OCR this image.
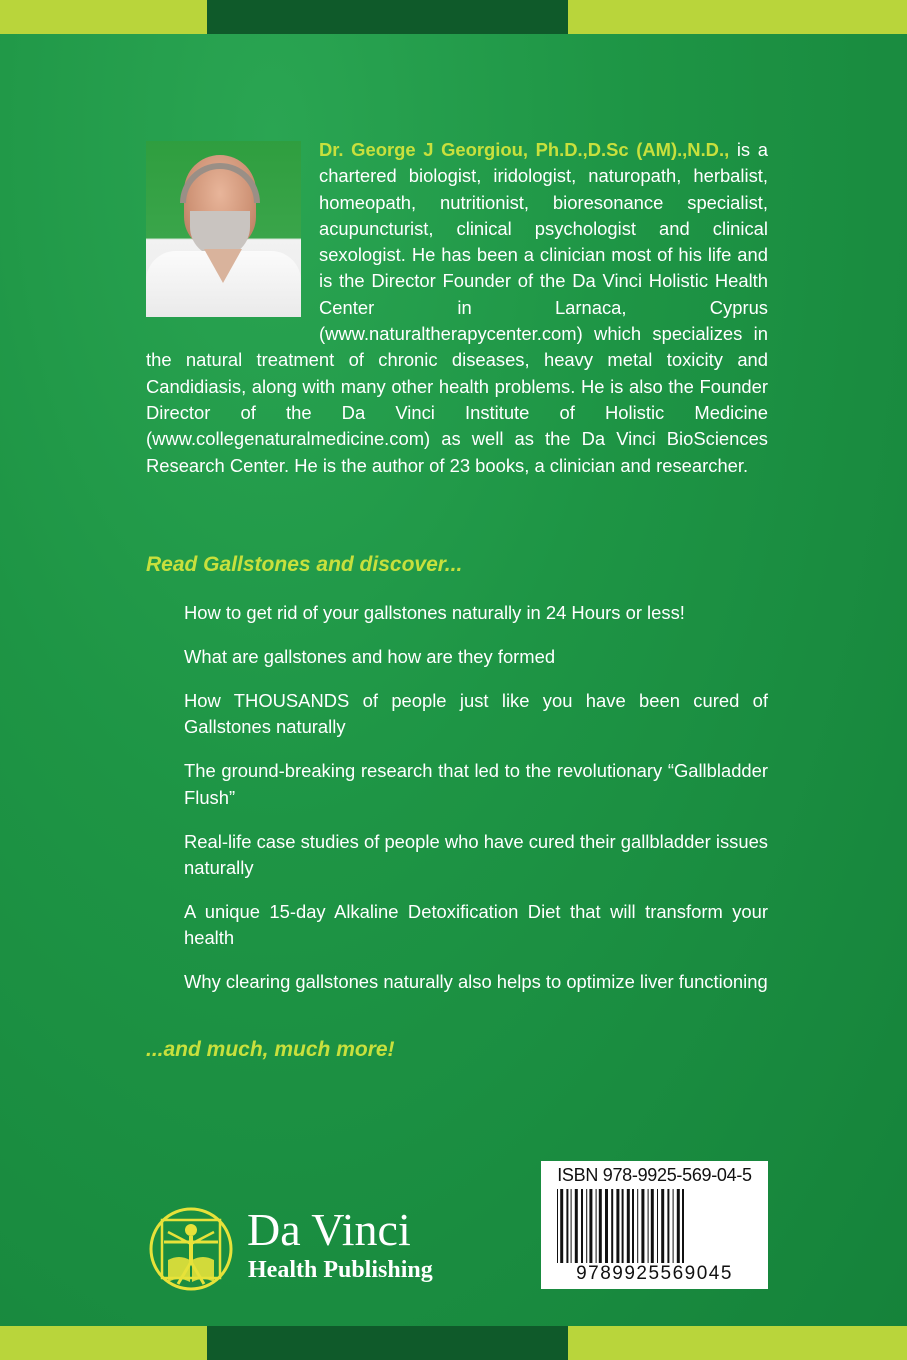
Dr. George J Georgiou, Ph.D.,D.Sc (AM).,N.D., is a chartered biologist, iridologist, naturopath, herbalist, homeopath, nutritionist, bioresonance specialist, acupuncturist, clinical psychologist and clinical sexologist. He has been a clinician most of his life and is the Director Founder of the Da Vinci Holistic Health Center in Larnaca, Cyprus (www.naturaltherapycenter.com) which specializes in the natural treatment of chronic diseases, heavy metal toxicity and Candidiasis, along with many other health problems. He is also the Founder Director of the Da Vinci Institute of Holistic Medicine (www.collegenaturalmedicine.com) as well as the Da Vinci BioSciences Research Center. He is the author of 23 books, a clinician and researcher.

Read Gallstones and discover...

How to get rid of your gallstones naturally in 24 Hours or less!
What are gallstones and how are they formed
How THOUSANDS of people just like you have been cured of Gallstones naturally
The ground-breaking research that led to the revolutionary “Gallbladder Flush”
Real-life case studies of people who have cured their gallbladder issues naturally
A unique 15-day Alkaline Detoxification Diet that will transform your health
Why clearing gallstones naturally also helps to optimize liver functioning

...and much, much more!

Da Vinci

Health Publishing

ISBN 978-9925-569-04-5
9789925569045
